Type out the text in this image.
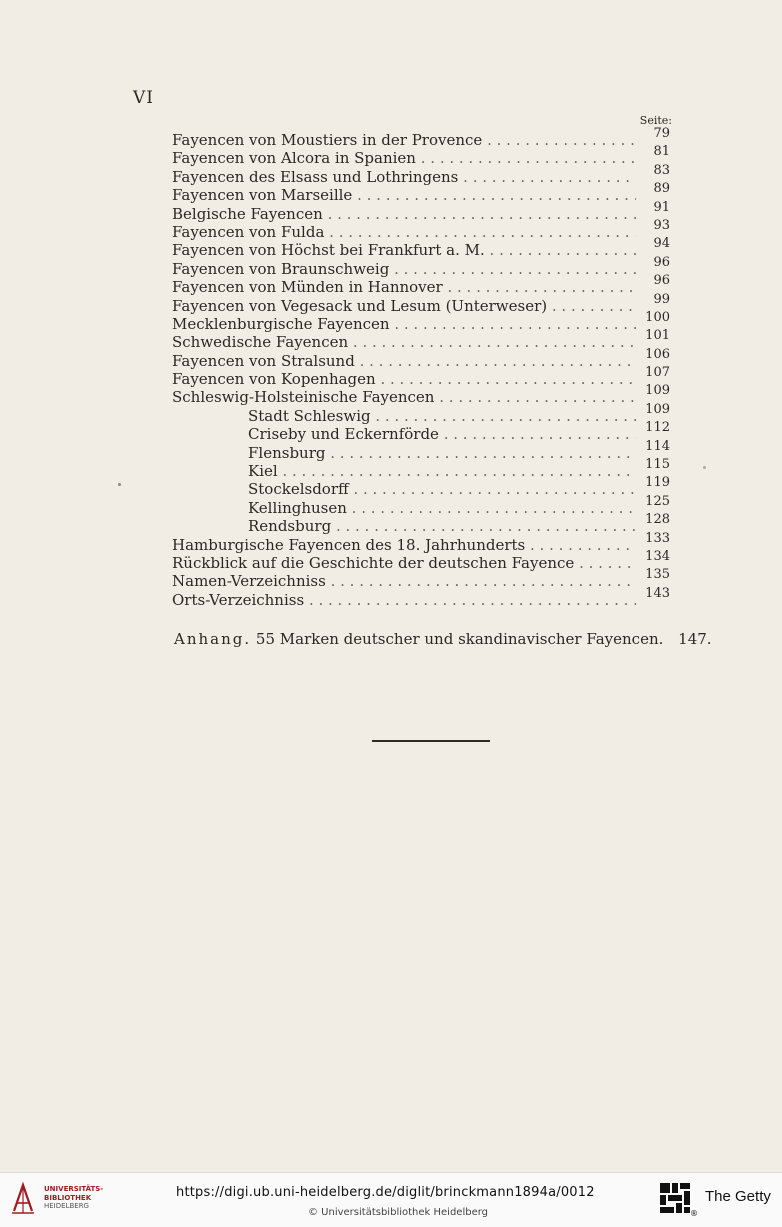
VI
Seite:
Fayencen von Moustiers in der Provence . . .	79
Fayencen von Alcora in Spanien . . .	81
Fayencen des Elsass und Lothringens . . .	83
Fayencen von Marseille . . .	89
Belgische Fayencen . . .	91
Fayencen von Fulda . . .	93
Fayencen von Höchst bei Frankfurt a. M. . . .	94
Fayencen von Braunschweig . . .	96
Fayencen von Münden in Hannover . . .	96
Fayencen von Vegesack und Lesum (Unterweser) . . .	99
Mecklenburgische Fayencen . . .	100
Schwedische Fayencen . . .	101
Fayencen von Stralsund . . .	106
Fayencen von Kopenhagen . . .	107
Schleswig-Holsteinische Fayencen . . .	109
Stadt Schleswig . . .	109
Criseby und Eckernförde . . .	112
Flensburg . . .	114
Kiel . . .	115
Stockelsdorff . . .	119
Kellinghusen . . .	125
Rendsburg . . .	128
Hamburgische Fayencen des 18. Jahrhunderts . . .	133
Rückblick auf die Geschichte der deutschen Fayence . . .	134
Namen-Verzeichniss . . .	135
Orts-Verzeichniss . . .	143
Anhang. 55 Marken deutscher und skandinavischer Fayencen. 147.
UNIVERSITÄTS-
BIBLIOTHEK
HEIDELBERG
https://digi.ub.uni-heidelberg.de/diglit/brinckmann1894a/0012
© Universitätsbibliothek Heidelberg	®
The Getty
